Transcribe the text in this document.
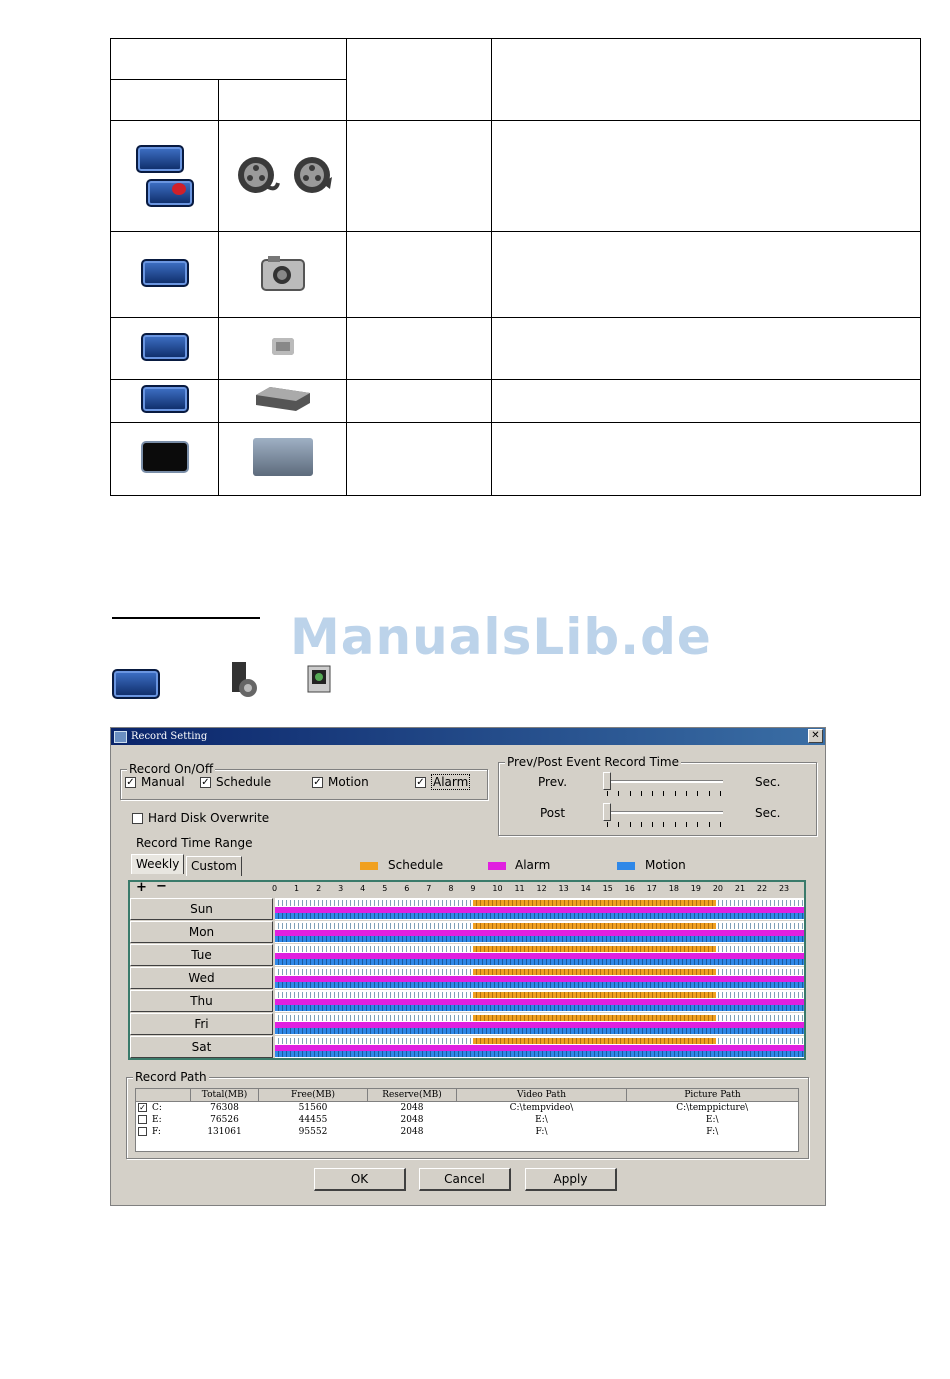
ManualsLib.de
Record Setting	✕
Record On/Off
✓ Manual ✓ Schedule	✓ Motion	✓ Alarm
Prev/Post Event Record Time
Prev.	Sec.
Post	Sec.
Hard Disk Overwrite
Record Time Range
Weekly Custom	Schedule	Alarm	Motion
+ −	0 1 2 3 4 5 6 7 8 9 10 11 12 13 14 15 16 17 18 19 20 21 22 23
Sun
Mon
Tue
Wed
Thu
Fri
Sat
Record Path
	Total(MB)	Free(MB)	Reserve(MB)	Video Path	Picture Path
✓ C:	76308	51560	2048	C:\tempvideo\	C:\temppicture\
E:	76526	44455	2048	E:\	E:\
F:	131061	95552	2048	F:\	F:\

OK	Cancel	Apply
